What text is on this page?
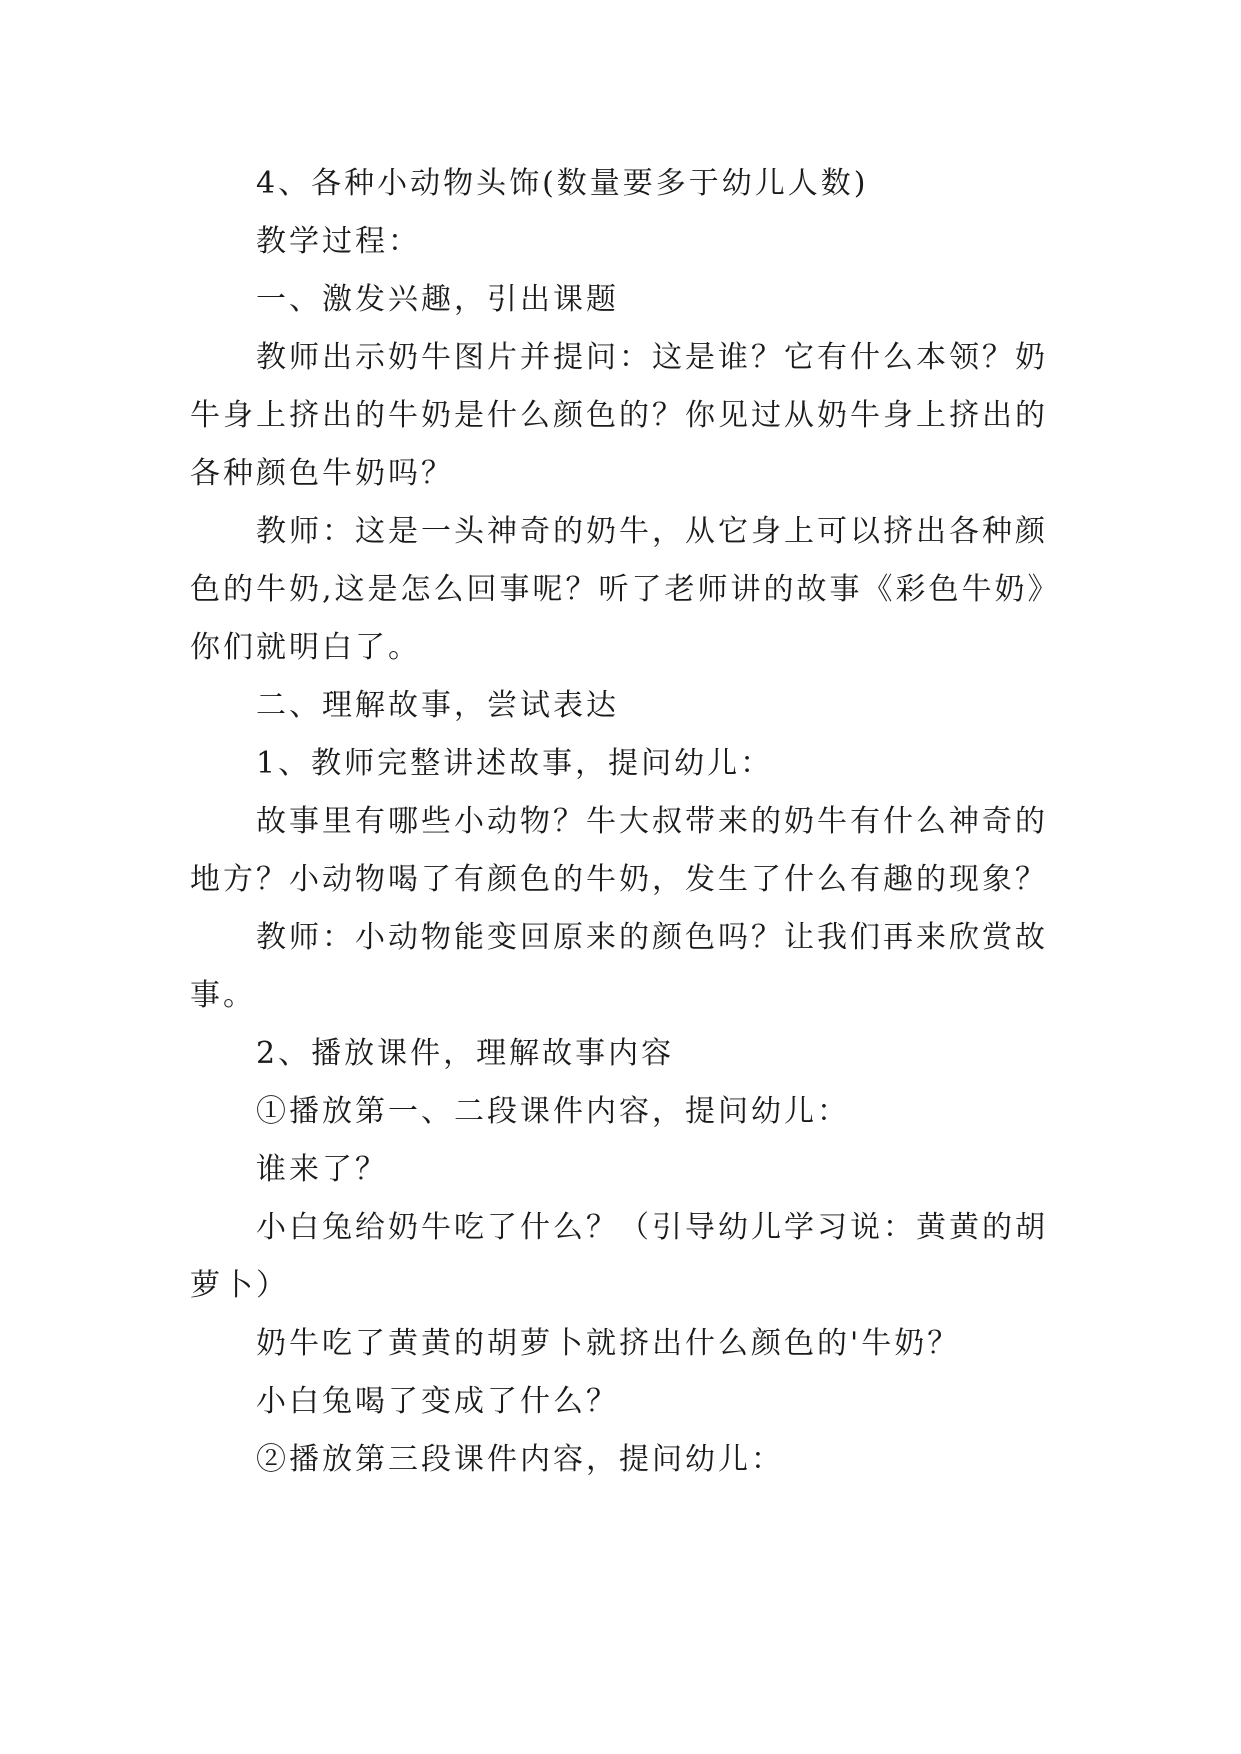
4、各种小动物头饰(数量要多于幼儿人数)

教学过程：

一、激发兴趣，引出课题

教师出示奶牛图片并提问：这是谁？它有什么本领？奶牛身上挤出的牛奶是什么颜色的？你见过从奶牛身上挤出的各种颜色牛奶吗？

教师：这是一头神奇的奶牛，从它身上可以挤出各种颜色的牛奶,这是怎么回事呢？听了老师讲的故事《彩色牛奶》你们就明白了。

二、理解故事，尝试表达

1、教师完整讲述故事，提问幼儿：

故事里有哪些小动物？牛大叔带来的奶牛有什么神奇的地方？小动物喝了有颜色的牛奶，发生了什么有趣的现象？

教师：小动物能变回原来的颜色吗？让我们再来欣赏故事。

2、播放课件，理解故事内容

①播放第一、二段课件内容，提问幼儿：

谁来了？

小白兔给奶牛吃了什么？（引导幼儿学习说：黄黄的胡萝卜）

奶牛吃了黄黄的胡萝卜就挤出什么颜色的'牛奶？

小白兔喝了变成了什么？

②播放第三段课件内容，提问幼儿：
